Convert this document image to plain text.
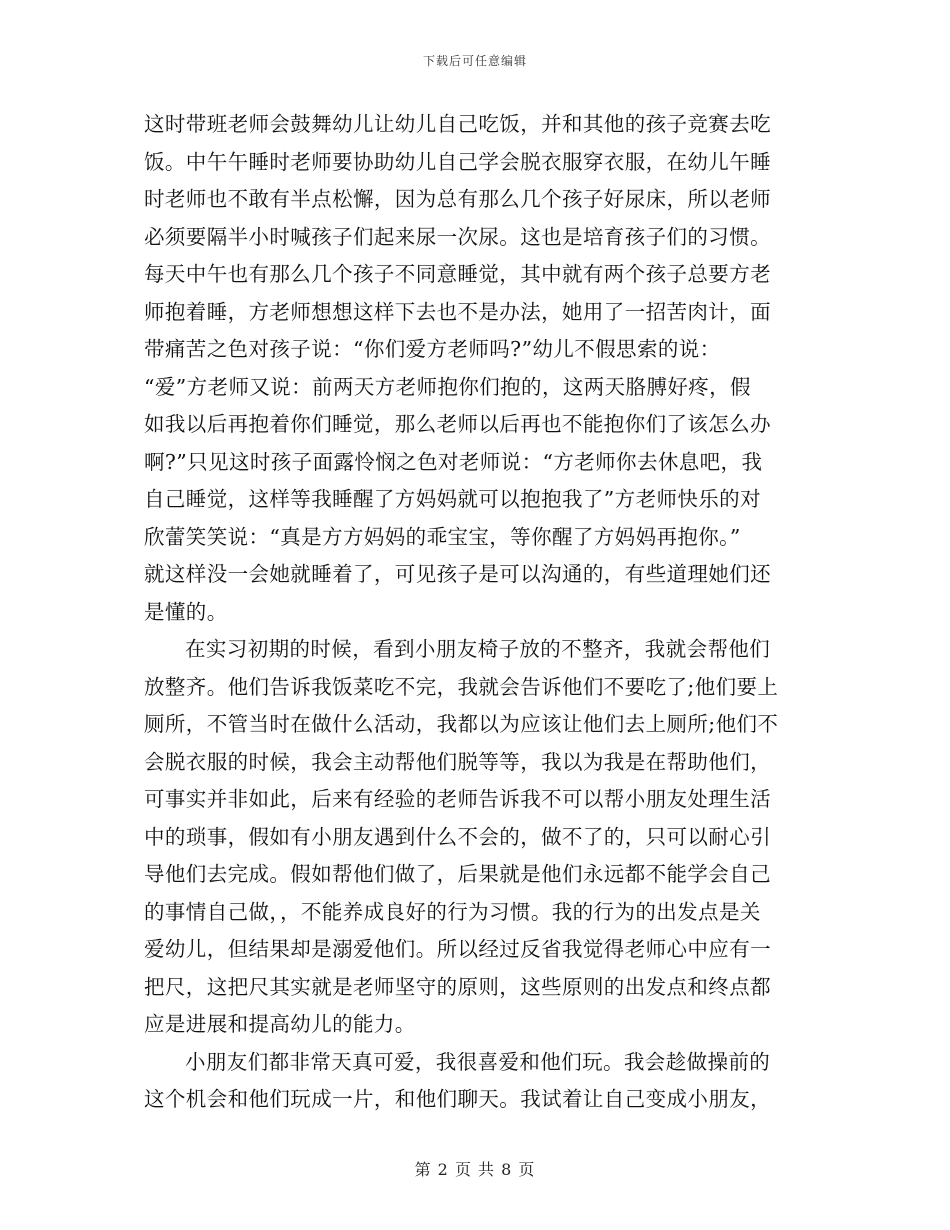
下载后可任意编辑
这时带班老师会鼓舞幼儿让幼儿自己吃饭，并和其他的孩子竞赛去吃
饭。中午午睡时老师要协助幼儿自己学会脱衣服穿衣服，在幼儿午睡
时老师也不敢有半点松懈，因为总有那么几个孩子好尿床，所以老师
必须要隔半小时喊孩子们起来尿一次尿。这也是培育孩子们的习惯。
每天中午也有那么几个孩子不同意睡觉，其中就有两个孩子总要方老
师抱着睡，方老师想想这样下去也不是办法，她用了一招苦肉计，面
带痛苦之色对孩子说：“你们爱方老师吗?”幼儿不假思索的说：
“爱”方老师又说：前两天方老师抱你们抱的，这两天胳膊好疼，假
如我以后再抱着你们睡觉，那么老师以后再也不能抱你们了该怎么办
啊?”只见这时孩子面露怜悯之色对老师说：“方老师你去休息吧，我
自己睡觉，这样等我睡醒了方妈妈就可以抱抱我了”方老师快乐的对
欣蕾笑笑说：“真是方方妈妈的乖宝宝，等你醒了方妈妈再抱你。”
就这样没一会她就睡着了，可见孩子是可以沟通的，有些道理她们还
是懂的。
在实习初期的时候，看到小朋友椅子放的不整齐，我就会帮他们
放整齐。他们告诉我饭菜吃不完，我就会告诉他们不要吃了;他们要上
厕所，不管当时在做什么活动，我都以为应该让他们去上厕所;他们不
会脱衣服的时候，我会主动帮他们脱等等，我以为我是在帮助他们，
可事实并非如此，后来有经验的老师告诉我不可以帮小朋友处理生活
中的琐事，假如有小朋友遇到什么不会的，做不了的，只可以耐心引
导他们去完成。假如帮他们做了，后果就是他们永远都不能学会自己
的事情自己做，，不能养成良好的行为习惯。我的行为的出发点是关
爱幼儿，但结果却是溺爱他们。所以经过反省我觉得老师心中应有一
把尺，这把尺其实就是老师坚守的原则，这些原则的出发点和终点都
应是进展和提高幼儿的能力。
小朋友们都非常天真可爱，我很喜爱和他们玩。我会趁做操前的
这个机会和他们玩成一片，和他们聊天。我试着让自己变成小朋友，
第 2 页 共 8 页
